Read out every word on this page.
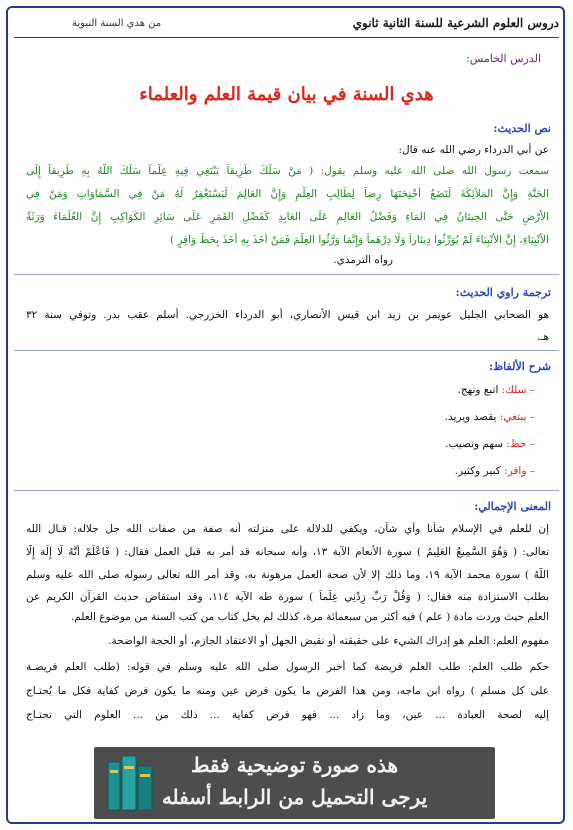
دروس العلوم الشرعية للسنة الثانية ثانوي
من هدي السنة النبوية
الدرس الخامس:
هدي السنة في بيان قيمة العلم والعلماء
نص الحديث:
عن أبي الدرداء رضي الله عنه قال:
سمعت رسول الله صلى الله عليه وسلم يقول: ( مَنْ سَلَكَ طَرِيقاً يَبْتَغِي فِيهِ عِلْماً سَلَكَ اللَّهُ بِهِ طَرِيقاً إِلَى
الجَنَّةِ وَإِنَّ المَلاَئِكَةَ لَتَضَعُ أَجْنِحَتَهَا رِضاً لِطَالِبِ العِلْمِ وَإِنَّ العَالِمَ لَيَسْتَغْفِرُ لَهُ مَنْ فِي السَّمَاوَاتِ وَمَنْ فِي
الأَرْضِ حَتَّى الحِيتَانُ فِي المَاءِ وَفَضْلُ العَالِمِ عَلَى العَابِدِ كَفَضْلِ القَمَرِ عَلَى سَائِرِ الكَوَاكِبِ إِنَّ العُلَمَاءَ وَرَثَةُ
الأَنْبِيَاءِ، إِنَّ الأَنْبِيَاءَ لَمْ يُوَرِّثُوا دِينَاراً وَلَا دِرْهَماً وَإِنَّمَا وَرَّثُوا العِلْمَ فَمَنْ أَخَذَ بِهِ أَخَذَ بِحَظٍّ وَافِرٍ )
رواه الترمذي.
ترجمة راوي الحديث:
هو الصحابي الجليل عويمر بن زيد ابن قيس الأنصاري، أبو الدرداء الخزرجي. أسلم عقب بدر. وتوفي سنة ٣٢
هـ.
شرح الألفاظ:
– سلك: اتبع ونهج.
– يبتغي: يقصد ويريد.
– حظ: سهم ونصيب.
– وافر: كبير وكثير.
المعنى الإجمالي:
إن للعلم في الإسلام شأنا وأي شأن، ويكفي للدلالة على منزلته أنه صفة من صفات الله جل جلاله: قـال الله
تعالى: ( وَهُوَ السَّمِيعُ العَلِيمُ ) سورة الأنعام الآية ١٣، وأنه سبحانه قد أمر به قبل العمل فقال: ( فَاعْلَمْ أَنَّهُ لَا إِلَهَ إِلَّا
اللَّهُ ) سورة محمد الآية ١٩، وما ذلك إلا لأن صحة العمل مرهونة به، وقد أمر الله تعالى رسوله صلى الله عليه وسلم
بطلب الاستزادة منه فقال: ( وَقُلْ رَبِّ زِدْنِي عِلْماً ) سورة طه الآية ١١٤، وقد استفاض حديث القرآن الكريم عن
العلم حيث وردت مادة ( علم ) فيه أكثر من سبعمائة مرة، كذلك لم يخل كتاب من كتب السنة من موضوع العلم.
مفهوم العلم: العلم هو إدراك الشيء على حقيقته أو نقيض الجهل أو الاعتقاد الجازم، أو الحجة الواضحة.
حكم طلب العلم: طلب العلم فريضة كما أخبر الرسول صلى الله عليه وسلم في قوله: (طلب العلم فريضـة
على كل مسلم ) رواه ابن ماجه، ومن هذا الفرض ما يكون فرض عين ومنه ما يكون فرض كفاية فكل ما يُحتـاج
إليه لصحة العبادة ... عين، وما زاد ... فهو فرض كفاية ... ذلك من ... العلوم التي تحتـاج
هذه صورة توضيحية فقط
يرجى التحميل من الرابط أسفله
